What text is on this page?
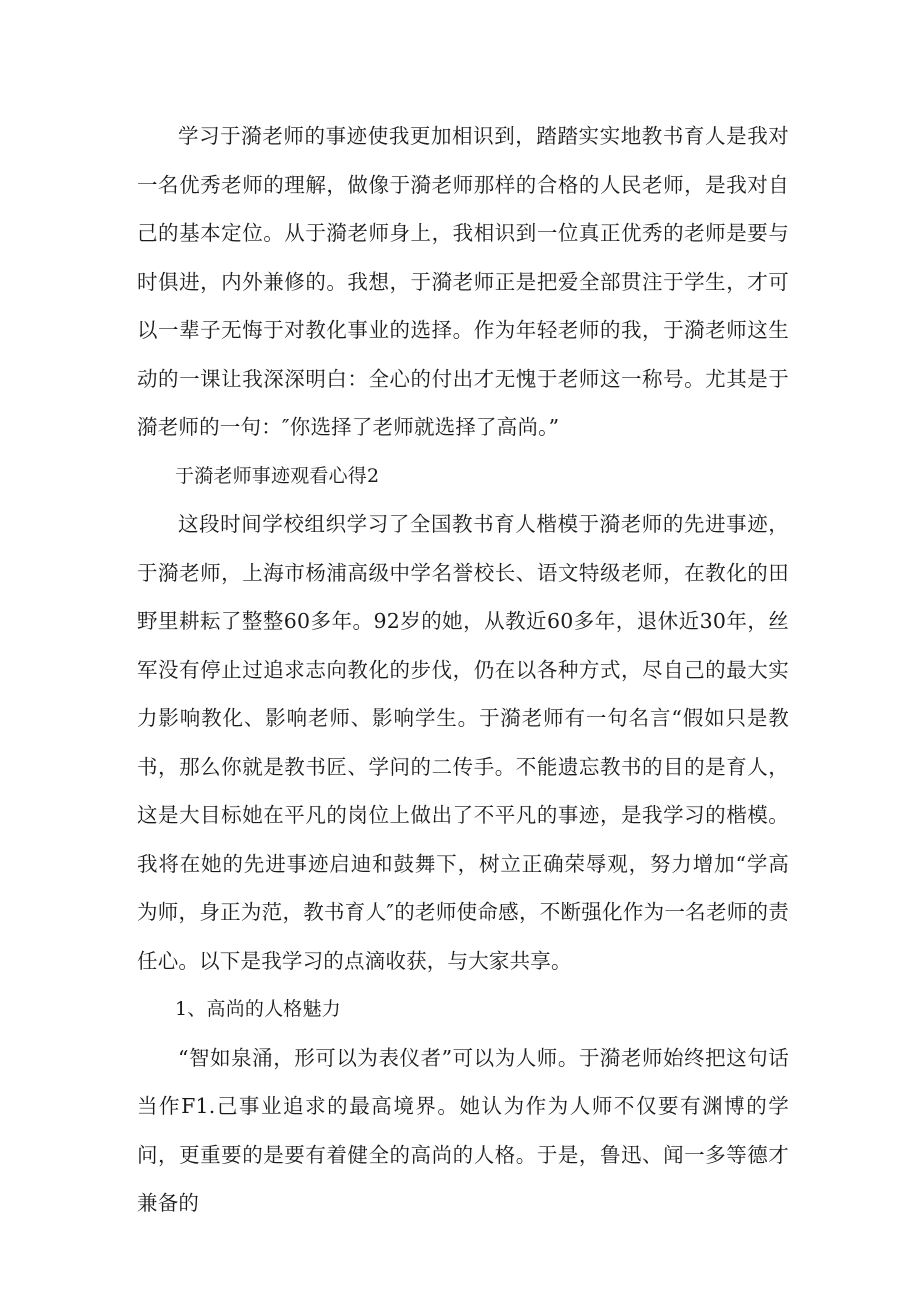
学习于漪老师的事迹使我更加相识到，踏踏实实地教书育人是我对一名优秀老师的理解，做像于漪老师那样的合格的人民老师，是我对自己的基本定位。从于漪老师身上，我相识到一位真正优秀的老师是要与时俱进，内外兼修的。我想，于漪老师正是把爱全部贯注于学生，才可以一辈子无悔于对教化事业的选择。作为年轻老师的我，于漪老师这生动的一课让我深深明白：全心的付出才无愧于老师这一称号。尤其是于漪老师的一句：″你选择了老师就选择了高尚。”

于漪老师事迹观看心得2

这段时间学校组织学习了全国教书育人楷模于漪老师的先进事迹，于漪老师，上海市杨浦高级中学名誉校长、语文特级老师，在教化的田野里耕耘了整整60多年。92岁的她，从教近60多年，退休近30年，丝军没有停止过追求志向教化的步伐，仍在以各种方式，尽自己的最大实力影响教化、影响老师、影响学生。于漪老师有一句名言“假如只是教书，那么你就是教书匠、学问的二传手。不能遗忘教书的目的是育人，这是大目标她在平凡的岗位上做出了不平凡的事迹，是我学习的楷模。我将在她的先进事迹启迪和鼓舞下，树立正确荣辱观，努力增加“学高为师，身正为范，教书育人″的老师使命感，不断强化作为一名老师的责任心。以下是我学习的点滴收获，与大家共享。

1、高尚的人格魅力

“智如泉涌，形可以为表仪者”可以为人师。于漪老师始终把这句话当作F1.己事业追求的最高境界。她认为作为人师不仅要有渊博的学问，更重要的是要有着健全的高尚的人格。于是，鲁迅、闻一多等德才兼备的
